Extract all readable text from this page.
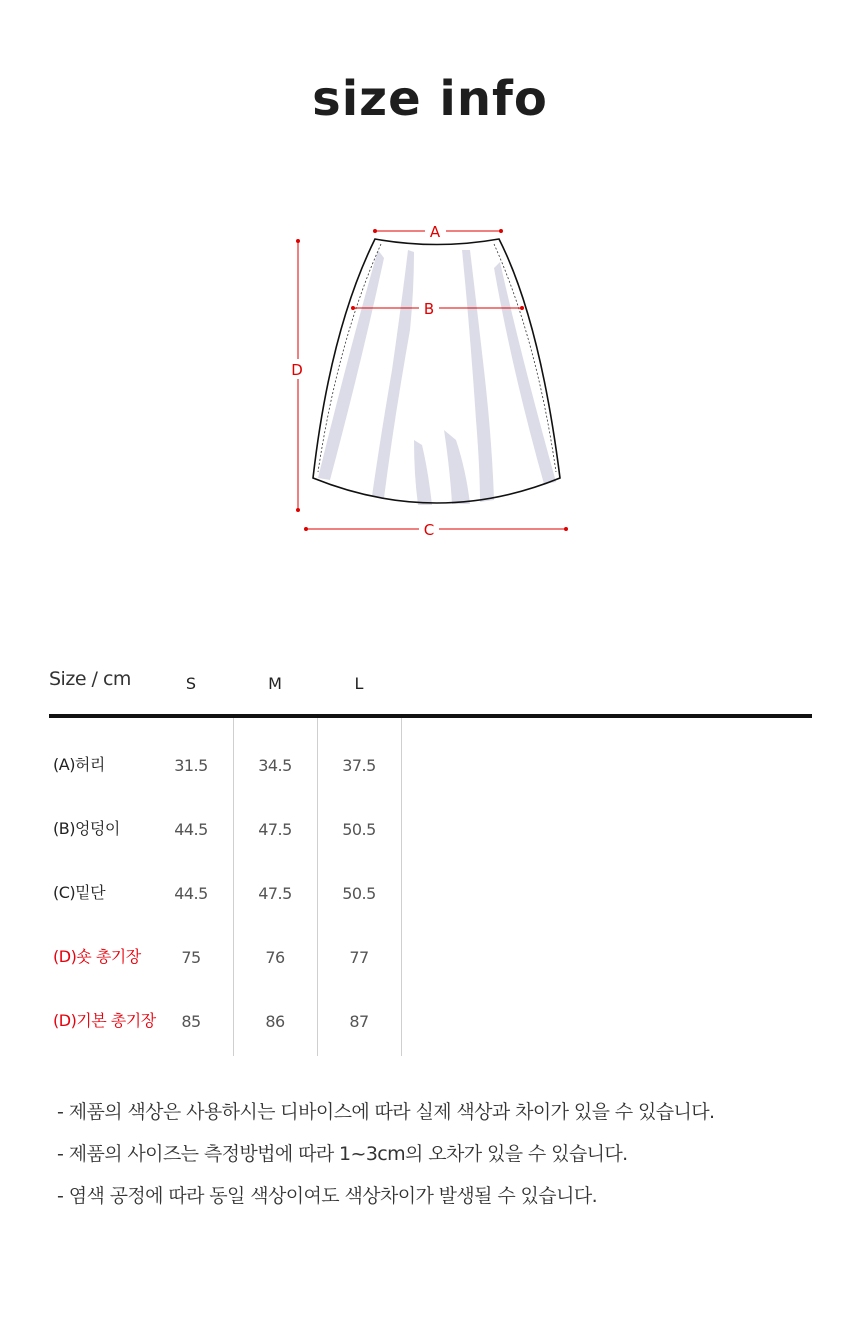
size info
A
B
C
D
Size / cm	S	M	L
(A)허리	31.5	34.5	37.5
(B)엉덩이	44.5	47.5	50.5
(C)밑단	44.5	47.5	50.5
(D)숏 총기장	75	76	77
(D)기본 총기장	85	86	87
- 제품의 색상은 사용하시는 디바이스에 따라 실제 색상과 차이가 있을 수 있습니다.
- 제품의 사이즈는 측정방법에 따라 1~3cm의 오차가 있을 수 있습니다.
- 염색 공정에 따라 동일 색상이여도 색상차이가 발생될 수 있습니다.
